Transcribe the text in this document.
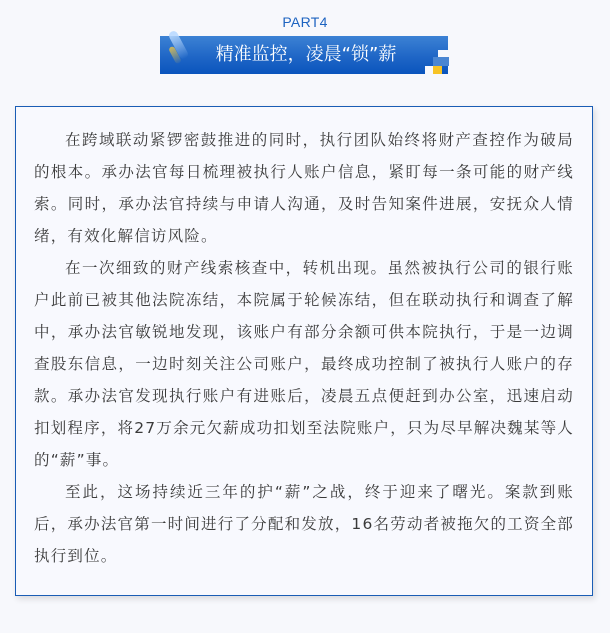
PART4
精准监控，凌晨“锁”薪

在跨域联动紧锣密鼓推进的同时，执行团队始终将财产查控作为破局的根本。承办法官每日梳理被执行人账户信息，紧盯每一条可能的财产线索。同时，承办法官持续与申请人沟通，及时告知案件进展，安抚众人情绪，有效化解信访风险。

在一次细致的财产线索核查中，转机出现。虽然被执行公司的银行账户此前已被其他法院冻结，本院属于轮候冻结，但在联动执行和调查了解中，承办法官敏锐地发现，该账户有部分余额可供本院执行，于是一边调查股东信息，一边时刻关注公司账户，最终成功控制了被执行人账户的存款。承办法官发现执行账户有进账后，凌晨五点便赶到办公室，迅速启动扣划程序，将27万余元欠薪成功扣划至法院账户，只为尽早解决魏某等人的“薪”事。

至此，这场持续近三年的护“薪”之战，终于迎来了曙光。案款到账后，承办法官第一时间进行了分配和发放，16名劳动者被拖欠的工资全部执行到位。
